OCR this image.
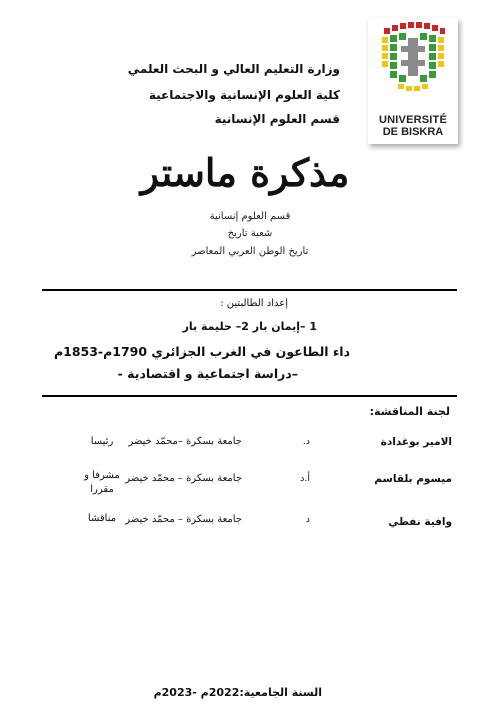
UNIVERSITÉ
DE BISKRA
وزارة التعليم العالي و البحث العلمي
كلية العلوم الإنسانية والاجتماعية
قسم العلوم الإنسانية
مذكرة ماستر
قسم العلوم إنسانية
شعبة تاريخ
تاريخ الوطن العربي المعاصر
إعداد الطالبتين :
1 –إيمان بار 2– حليمة بار
داء الطاعون في الغرب الجزائري 1790م-1853م
–دراسة اجتماعية و اقتصادية -
لجنة المناقشة:
الامير بوغدادة
د.
جامعة بسكرة –محمّد خيضر
رئيسا
ميسوم بلقاسم
أ.د
جامعة بسكرة – محمّد خيضر
مشرفا و مقررا
وافية نفطي
د
جامعة بسكرة – محمّد خيضر
مناقشا
السنة الجامعية:2022م -2023م
